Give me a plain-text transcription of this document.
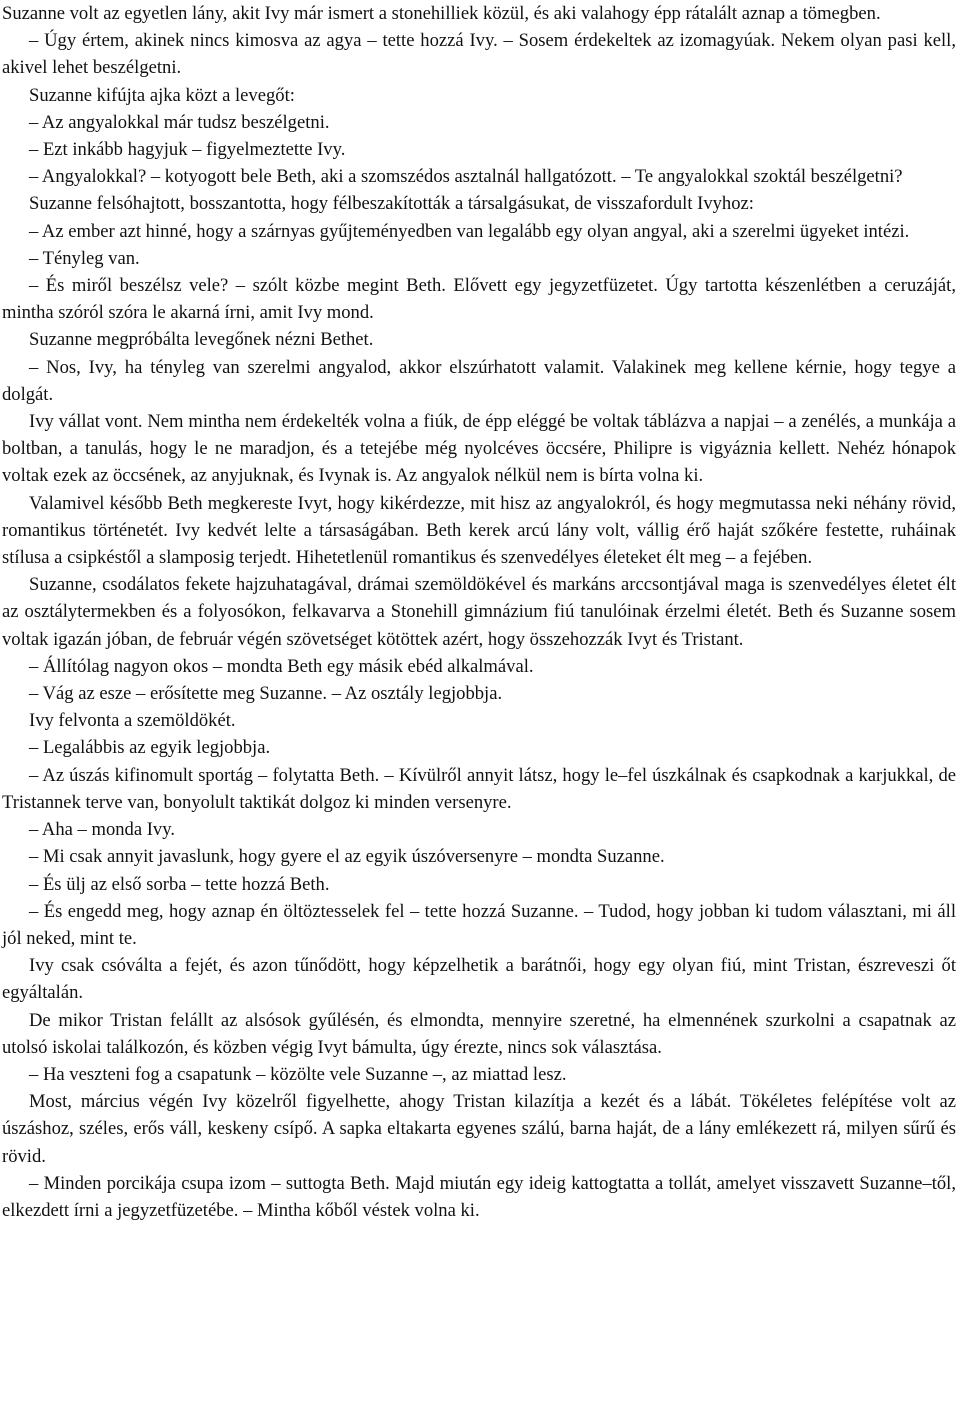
Suzanne volt az egyetlen lány, akit Ivy már ismert a stonehilliek közül, és aki valahogy épp rátalált aznap a tömegben.

– Úgy értem, akinek nincs kimosva az agya – tette hozzá Ivy. – Sosem érdekeltek az izomagyúak. Nekem olyan pasi kell, akivel lehet beszélgetni.

Suzanne kifújta ajka közt a levegőt:

– Az angyalokkal már tudsz beszélgetni.

– Ezt inkább hagyjuk – figyelmeztette Ivy.

– Angyalokkal? – kotyogott bele Beth, aki a szomszédos asztalnál hallgatózott. – Te angyalokkal szoktál beszélgetni?

Suzanne felsóhajtott, bosszantotta, hogy félbeszakították a társalgásukat, de visszafordult Ivyhoz:

– Az ember azt hinné, hogy a szárnyas gyűjteményedben van legalább egy olyan angyal, aki a szerelmi ügyeket intézi.

– Tényleg van.

– És miről beszélsz vele? – szólt közbe megint Beth. Elővett egy jegyzetfüzetet. Úgy tartotta készenlétben a ceruzáját, mintha szóról szóra le akarná írni, amit Ivy mond.

Suzanne megpróbálta levegőnek nézni Bethet.

– Nos, Ivy, ha tényleg van szerelmi angyalod, akkor elszúrhatott valamit. Valakinek meg kellene kérnie, hogy tegye a dolgát.

Ivy vállat vont. Nem mintha nem érdekelték volna a fiúk, de épp eléggé be voltak táblázva a napjai – a zenélés, a munkája a boltban, a tanulás, hogy le ne maradjon, és a tetejébe még nyolcéves öccsére, Philipre is vigyáznia kellett. Nehéz hónapok voltak ezek az öccsének, az anyjuknak, és Ivynak is. Az angyalok nélkül nem is bírta volna ki.

Valamivel később Beth megkereste Ivyt, hogy kikérdezze, mit hisz az angyalokról, és hogy megmutassa neki néhány rövid, romantikus történetét. Ivy kedvét lelte a társaságában. Beth kerek arcú lány volt, vállig érő haját szőkére festette, ruháinak stílusa a csipkéstől a slamposig terjedt. Hihetetlenül romantikus és szenvedélyes életeket élt meg – a fejében.

Suzanne, csodálatos fekete hajzuhatagával, drámai szemöldökével és markáns arccsontjával maga is szenvedélyes életet élt az osztálytermekben és a folyosókon, felkavarva a Stonehill gimnázium fiú tanulóinak érzelmi életét. Beth és Suzanne sosem voltak igazán jóban, de február végén szövetséget kötöttek azért, hogy összehozzák Ivyt és Tristant.

– Állítólag nagyon okos – mondta Beth egy másik ebéd alkalmával.

– Vág az esze – erősítette meg Suzanne. – Az osztály legjobbja.

Ivy felvonta a szemöldökét.

– Legalábbis az egyik legjobbja.

– Az úszás kifinomult sportág – folytatta Beth. – Kívülről annyit látsz, hogy le–fel úszkálnak és csapkodnak a karjukkal, de Tristannek terve van, bonyolult taktikát dolgoz ki minden versenyre.

– Aha – monda Ivy.

– Mi csak annyit javaslunk, hogy gyere el az egyik úszóversenyre – mondta Suzanne.

– És ülj az első sorba – tette hozzá Beth.

– És engedd meg, hogy aznap én öltöztesselek fel – tette hozzá Suzanne. – Tudod, hogy jobban ki tudom választani, mi áll jól neked, mint te.

Ivy csak csóválta a fejét, és azon tűnődött, hogy képzelhetik a barátnői, hogy egy olyan fiú, mint Tristan, észreveszi őt egyáltalán.

De mikor Tristan felállt az alsósok gyűlésén, és elmondta, mennyire szeretné, ha elmennének szurkolni a csapatnak az utolsó iskolai találkozón, és közben végig Ivyt bámulta, úgy érezte, nincs sok választása.

– Ha veszteni fog a csapatunk – közölte vele Suzanne –, az miattad lesz.

Most, március végén Ivy közelről figyelhette, ahogy Tristan kilazítja a kezét és a lábát. Tökéletes felépítése volt az úszáshoz, széles, erős váll, keskeny csípő. A sapka eltakarta egyenes szálú, barna haját, de a lány emlékezett rá, milyen sűrű és rövid.

– Minden porcikája csupa izom – suttogta Beth. Majd miután egy ideig kattogtatta a tollát, amelyet visszavett Suzanne–től, elkezdett írni a jegyzetfüzetébe. – Mintha kőből véstek volna ki.
